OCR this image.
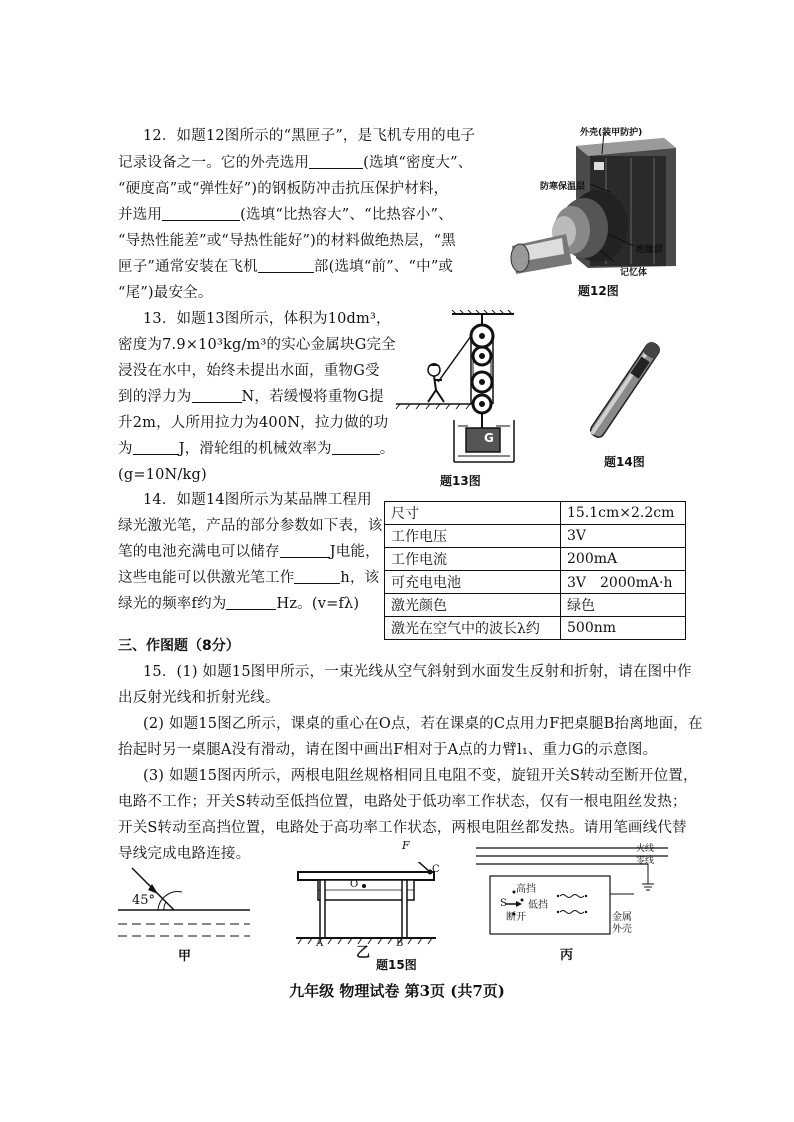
12．如题12图所示的“黑匣子”，是飞机专用的电子
记录设备之一。它的外壳选用	(选填“密度大”、
“硬度高”或“弹性好”)的钢板防冲击抗压保护材料，
并选用	(选填“比热容大”、“比热容小”、
“导热性能差”或“导热性能好”)的材料做绝热层，“黑
匣子”通常安装在飞机	部(选填“前”、“中”或
“尾”)最安全。
外壳(装甲防护)
防寒保温层
绝缘层
记忆体
题12图
13．如题13图所示，体积为10dm³，
密度为7.9×10³kg/m³的实心金属块G完全
浸没在水中，始终未提出水面，重物G受
到的浮力为	N，若缓慢将重物G提
升2m，人所用拉力为400N，拉力做的功
为	J，滑轮组的机械效率为	。
(g=10N/kg)
G
题13图
题14图
14．如题14图所示为某品牌工程用
绿光激光笔，产品的部分参数如下表，该
笔的电池充满电可以储存	J电能，
这些电能可以供激光笔工作	h，该
绿光的频率f约为	Hz。(v=fλ)
尺寸	15.1cm×2.2cm
工作电压	3V
工作电流	200mA
可充电电池	3V　2000mA·h
激光颜色	绿色
激光在空气中的波长λ约	500nm
三、作图题（8分）
15．(1) 如题15图甲所示，一束光线从空气斜射到水面发生反射和折射，请在图中作
出反射光线和折射光线。
(2) 如题15图乙所示，课桌的重心在O点，若在课桌的C点用力F把桌腿B抬离地面，在
抬起时另一桌腿A没有滑动，请在图中画出F相对于A点的力臂l₁、重力G的示意图。
(3) 如题15图丙所示，两根电阻丝规格相同且电阻不变，旋钮开关S转动至断开位置，
电路不工作；开关S转动至低挡位置，电路处于低功率工作状态，仅有一根电阻丝发热；
开关S转动至高挡位置，电路处于高功率工作状态，两根电阻丝都发热。请用笔画线代替
导线完成电路连接。
45°
甲
F
C
O
A	B
乙
题15图
火线
零线
高挡
低挡
S
断开	金属
外壳
丙
九年级 物理试卷 第3页 (共7页)
